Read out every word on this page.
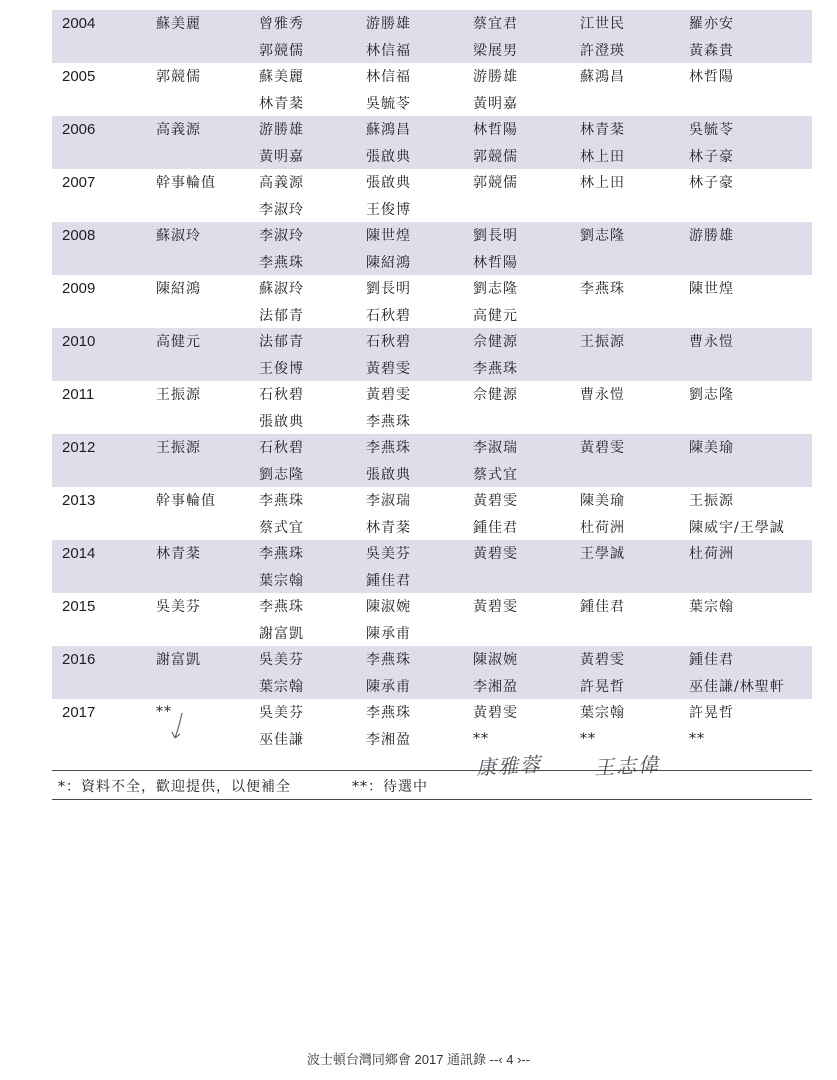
2004	蘇美麗	曾雅秀	游勝雄	蔡宜君	江世民	羅亦安
		郭競儒	林信福	梁展男	許澄瑛	黃森貴
2005	郭競儒	蘇美麗	林信福	游勝雄	蘇鴻昌	林哲陽
		林青棻	吳毓苓	黃明嘉		
2006	高義源	游勝雄	蘇鴻昌	林哲陽	林青棻	吳毓苓
		黃明嘉	張啟典	郭競儒	林上田	林子豪
2007	幹事輪值	高義源	張啟典	郭競儒	林上田	林子豪
		李淑玲	王俊博			
2008	蘇淑玲	李淑玲	陳世煌	劉長明	劉志隆	游勝雄
		李燕珠	陳紹鴻	林哲陽		
2009	陳紹鴻	蘇淑玲	劉長明	劉志隆	李燕珠	陳世煌
		法郁青	石秋碧	高健元		
2010	高健元	法郁青	石秋碧	佘健源	王振源	曹永愷
		王俊博	黃碧雯	李燕珠		
2011	王振源	石秋碧	黃碧雯	佘健源	曹永愷	劉志隆
		張啟典	李燕珠			
2012	王振源	石秋碧	李燕珠	李淑瑞	黃碧雯	陳美瑜
		劉志隆	張啟典	蔡式宜		
2013	幹事輪值	李燕珠	李淑瑞	黃碧雯	陳美瑜	王振源
		蔡式宜	林青棻	鍾佳君	杜荷洲	陳威宇/王學誠
2014	林青棻	李燕珠	吳美芬	黃碧雯	王學誠	杜荷洲
		葉宗翰	鍾佳君			
2015	吳美芬	李燕珠	陳淑婉	黃碧雯	鍾佳君	葉宗翰
		謝富凱	陳承甫			
2016	謝富凱	吳美芬	李燕珠	陳淑婉	黃碧雯	鍾佳君
		葉宗翰	陳承甫	李湘盈	許晃哲	巫佳謙/林聖軒
2017	**	吳美芬	李燕珠	黃碧雯	葉宗翰	許晃哲
		巫佳謙	李湘盈	**	**	**
康雅蓉	王志偉
*：資料不全，歡迎提供，以便補全	**：待選中
波士頓台灣同鄉會 2017 通訊錄 --‹ 4 ›--
